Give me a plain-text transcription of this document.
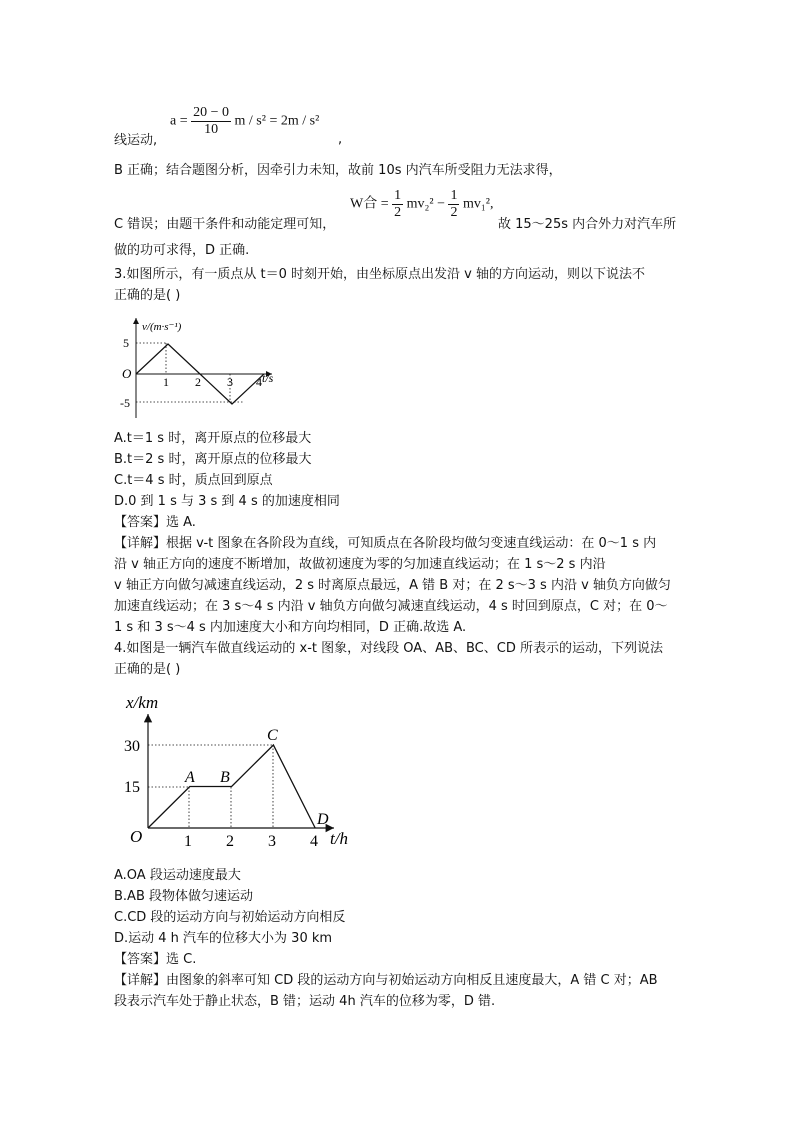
$a = \frac{20 - 0}{10}$ m / s² = 2m / s²
线运动,	,
B 正确；结合题图分析，因牵引力未知，故前 10s 内汽车所受阻力无法求得，
W合 = $\frac{1}{2} mv_2^2 - \frac{1}{2} mv_1^2$,
C 错误；由题干条件和动能定理可知，	故 15～25s 内合外力对汽车所
做的功可求得，D 正确.
3.如图所示，有一质点从 t＝0 时刻开始，由坐标原点出发沿 v 轴的方向运动，则以下说法不
正确的是( )
v/(m·s⁻¹)
t/s
O
5
-5
1 2 3 4
A.t＝1 s 时，离开原点的位移最大
B.t＝2 s 时，离开原点的位移最大
C.t＝4 s 时，质点回到原点
D.0 到 1 s 与 3 s 到 4 s 的加速度相同
【答案】选 A.
【详解】根据 v-t 图象在各阶段为直线，可知质点在各阶段均做匀变速直线运动：在 0～1 s 内
沿 v 轴正方向的速度不断增加，故做初速度为零的匀加速直线运动；在 1 s～2 s 内沿
v 轴正方向做匀减速直线运动，2 s 时离原点最远，A 错 B 对；在 2 s～3 s 内沿 v 轴负方向做匀
加速直线运动；在 3 s～4 s 内沿 v 轴负方向做匀减速直线运动，4 s 时回到原点，C 对；在 0～
1 s 和 3 s～4 s 内加速度大小和方向均相同，D 正确.故选 A.
4.如图是一辆汽车做直线运动的 x-t 图象，对线段 OA、AB、BC、CD 所表示的运动，下列说法
正确的是( )
x/km
t/h
O
15
30
1 2 3 4
A B
C
D
A.OA 段运动速度最大
B.AB 段物体做匀速运动
C.CD 段的运动方向与初始运动方向相反
D.运动 4 h 汽车的位移大小为 30 km
【答案】选 C.
【详解】由图象的斜率可知 CD 段的运动方向与初始运动方向相反且速度最大，A 错 C 对；AB
段表示汽车处于静止状态，B 错；运动 4h 汽车的位移为零，D 错.
